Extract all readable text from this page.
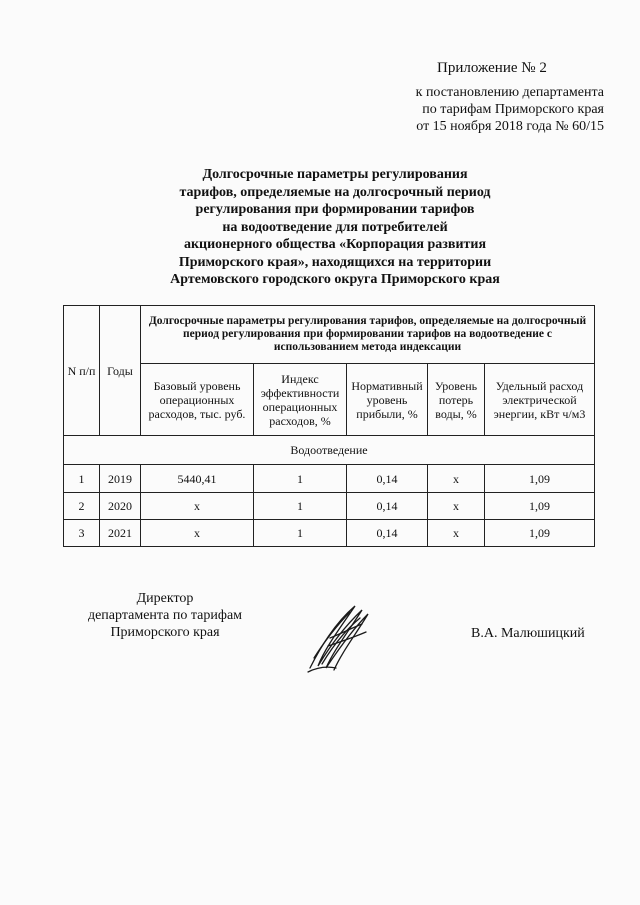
Приложение № 2
к постановлению департамента
по тарифам Приморского края
от 15 ноября 2018 года № 60/15
Долгосрочные параметры регулирования
тарифов, определяемые на долгосрочный период
регулирования при формировании тарифов
на водоотведение для потребителей
акционерного общества «Корпорация развития
Приморского края», находящихся на территории
Артемовского городского округа Приморского края
N п/п	Годы	Долгосрочные параметры регулирования тарифов, определяемые на долгосрочный период регулирования при формировании тарифов на водоотведение с использованием метода индексации				
		Базовый уровень операционных расходов, тыс. руб.	Индекс эффективности операционных расходов, %	Нормативный уровень прибыли, %	Уровень потерь воды, %	Удельный расход электрической энергии, кВт ч/м3
Водоотведение						
1	2019	5440,41	1	0,14	х	1,09
2	2020	х	1	0,14	х	1,09
3	2021	х	1	0,14	х	1,09
Директор
департамента по тарифам
Приморского края	В.А. Малюшицкий
